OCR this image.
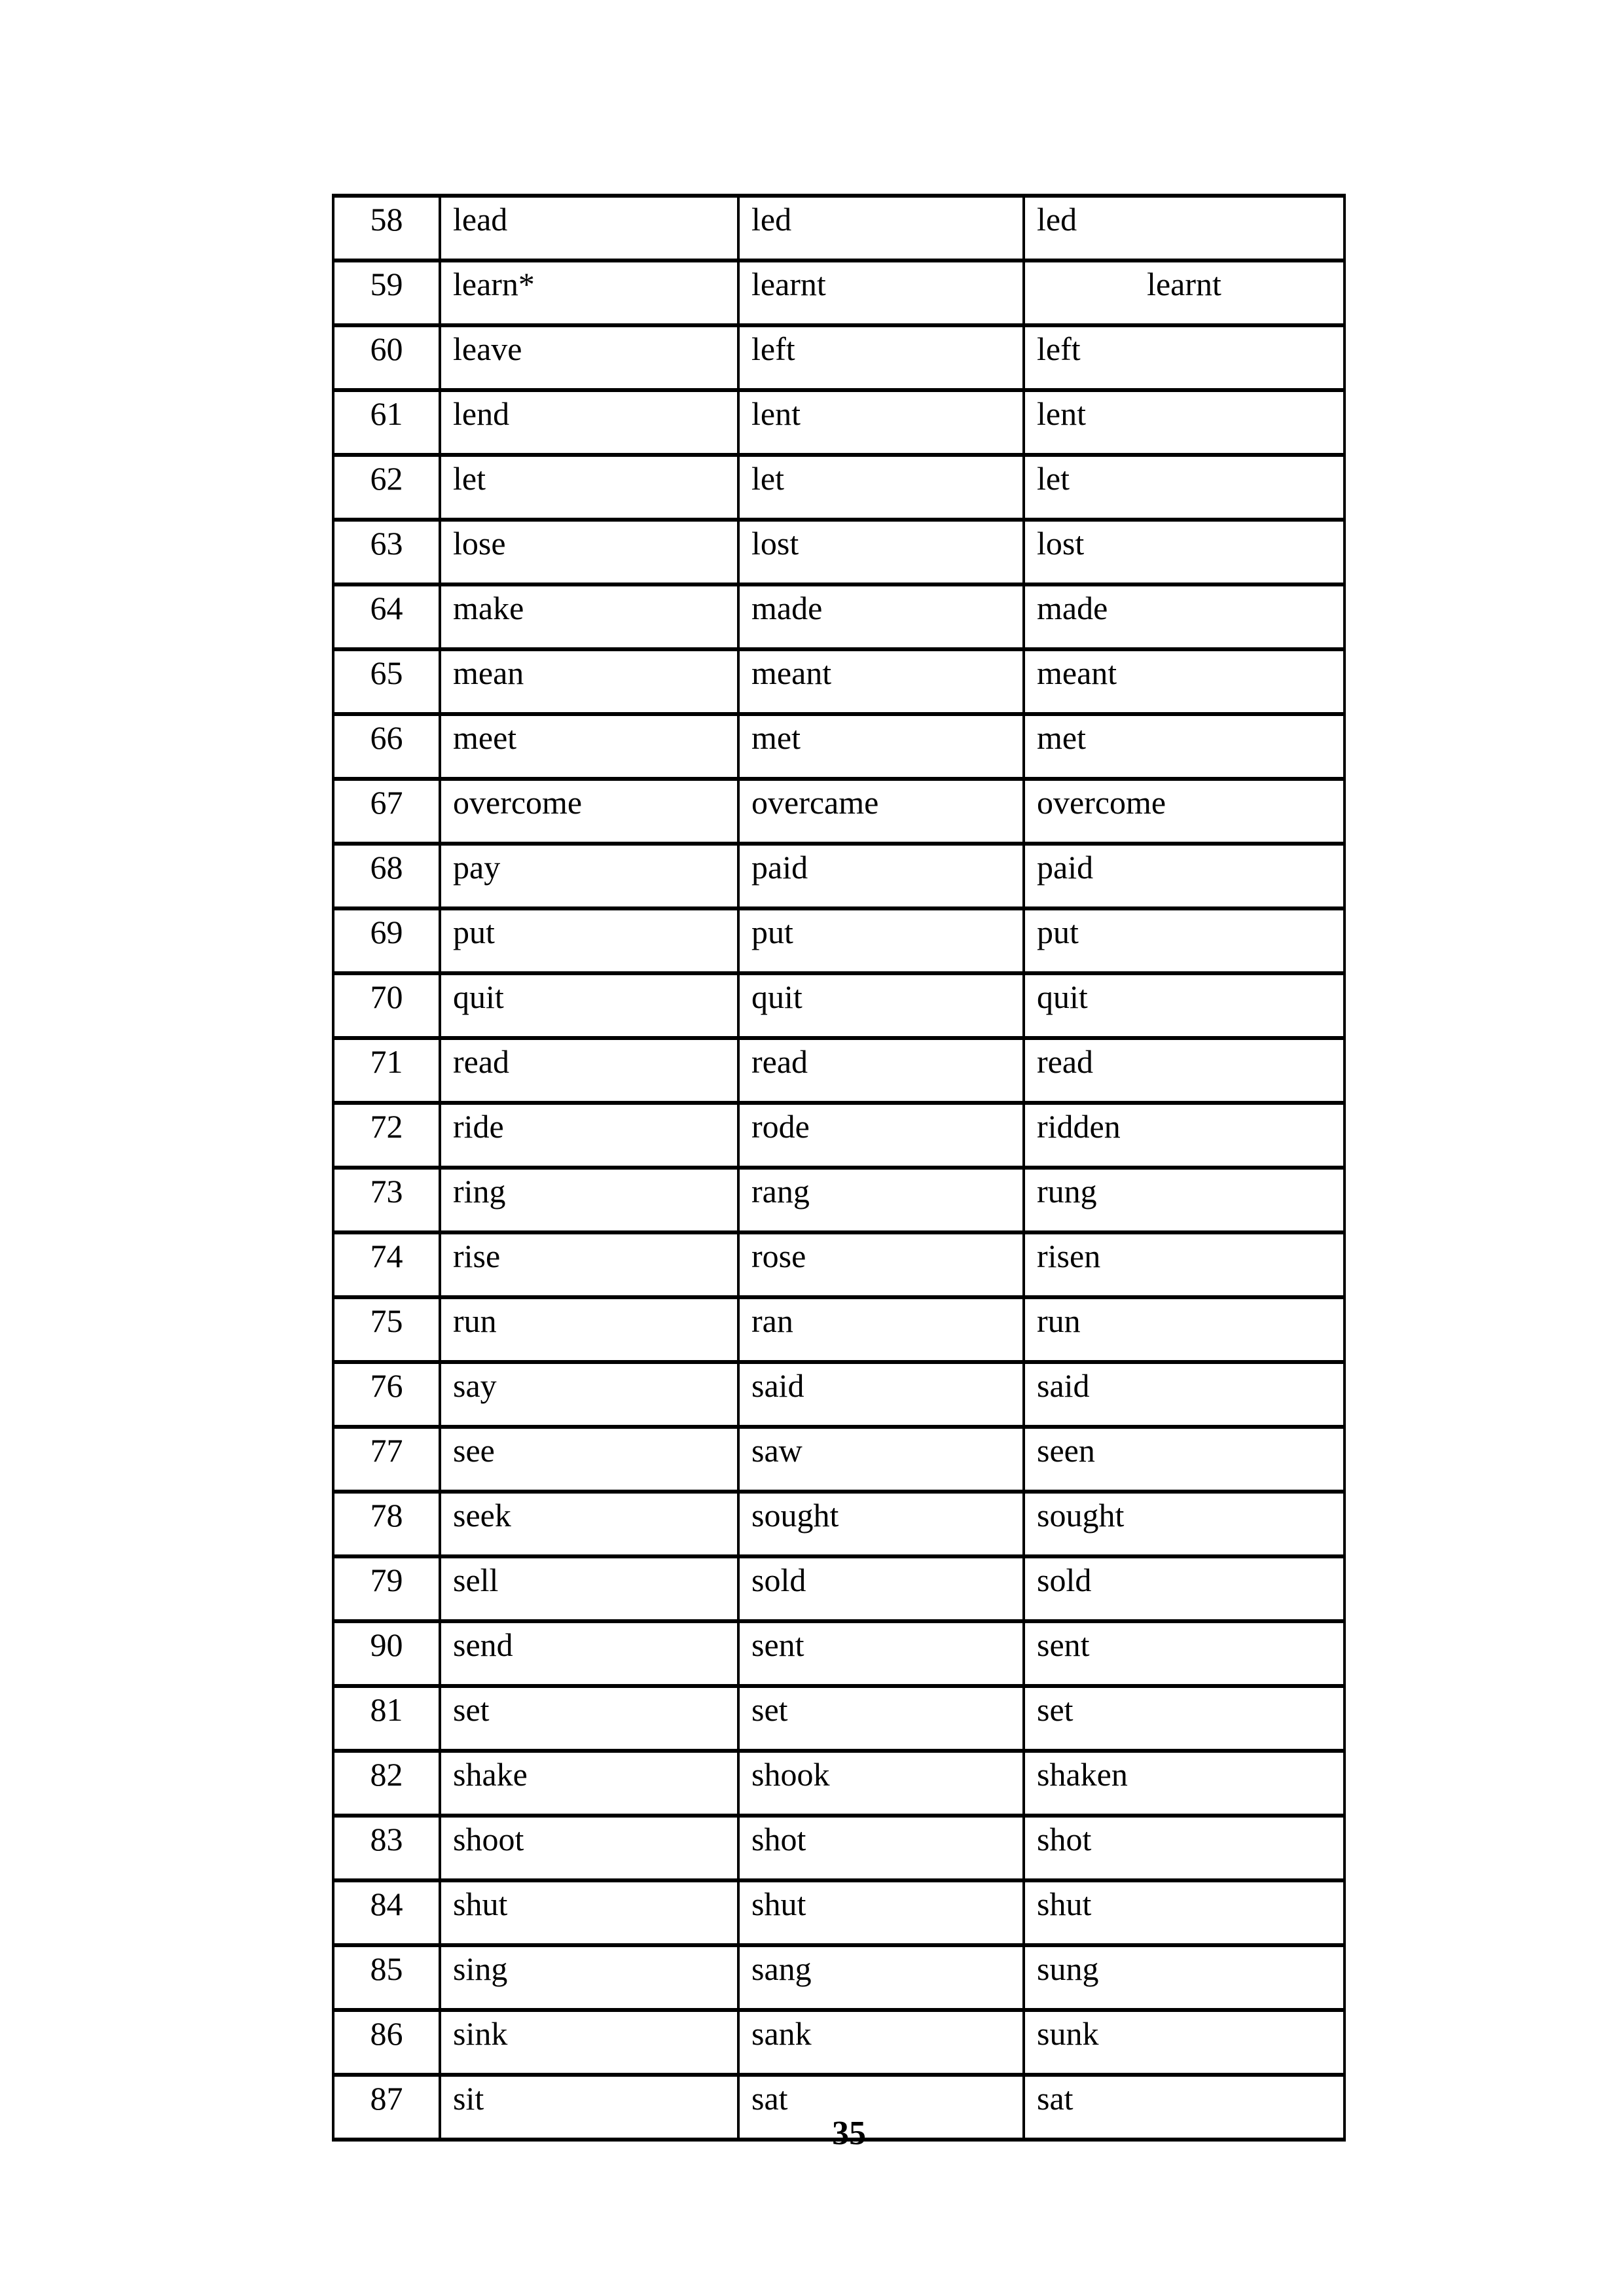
58	lead	led	led
59	learn*	learnt	learnt
60	leave	left	left
61	lend	lent	lent
62	let	let	let
63	lose	lost	lost
64	make	made	made
65	mean	meant	meant
66	meet	met	met
67	overcome	overcame	overcome
68	pay	paid	paid
69	put	put	put
70	quit	quit	quit
71	read	read	read
72	ride	rode	ridden
73	ring	rang	rung
74	rise	rose	risen
75	run	ran	run
76	say	said	said
77	see	saw	seen
78	seek	sought	sought
79	sell	sold	sold
90	send	sent	sent
81	set	set	set
82	shake	shook	shaken
83	shoot	shot	shot
84	shut	shut	shut
85	sing	sang	sung
86	sink	sank	sunk
87	sit	sat	sat
35
